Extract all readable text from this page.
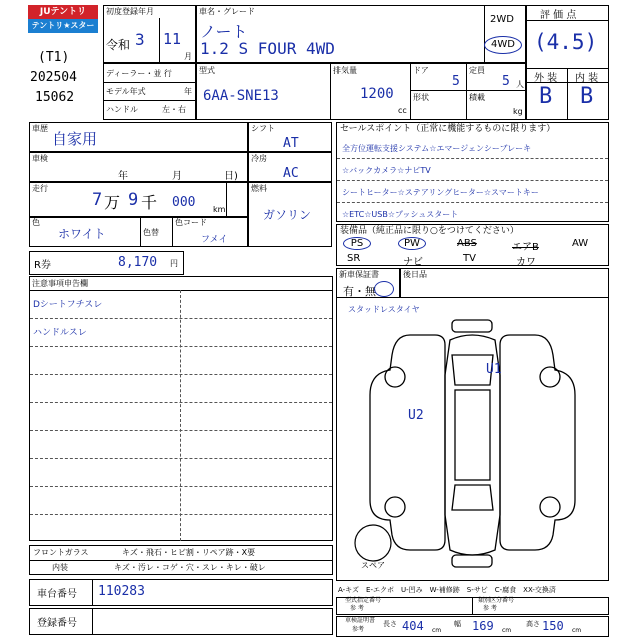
JUテントリ
テントリ★スター
(T1)
202504
15062
初度登録年月
令和 3 11
月
ディーラー・並 行
モデル年式	年
ハンドル	左・右
車名・グレード
ノート
1.2 S FOUR 4WD
2WD
4WD
型式
6AA-SNE13
排気量
1200
cc
ドア
5
定員
5 人
形状	積載
kg
評 価 点
(4.5)
外 装 内 装
B B
車歴
自家用
車検
年	月	日)
走行
7 万 9 千 000 km
色
ホワイト	色替
色コード
フメイ
シフト
AT
冷房
AC
燃料
ガソリン
R券	8,170 円
注意事項申告欄
Dシートフチスレ
ハンドルスレ
フロントガラス	キズ・飛石・ヒビ割・リペア跡・X要
内装	キズ・汚レ・コゲ・穴・スレ・キレ・破レ
車台番号 110283
登録番号
セールスポイント（正常に機能するものに限ります）
全方位運転支援システム☆エマージェンシーブレーキ
☆バックカメラ☆ナビTV
シートヒーター☆ステアリングヒーター☆スマートキー
☆ETC☆USB☆プッシュスタート
装備品（純正品に限り○をつけてください）
PS	PW	ABS	エアB	AW
SR	ナビ	TV	カワ
新車保証書
有・無
後日品
スタッドレスタイヤ
U1
U2
スペア
A-キズ　E-エクボ　U-凹み　W-補修跡　S-サビ　C-腐食　XX-交換済
型式指定番号
参 考
類別区分番号
参 考
車検証明書
参考
長さ 404 cm
幅 169 cm
高さ 150 cm
